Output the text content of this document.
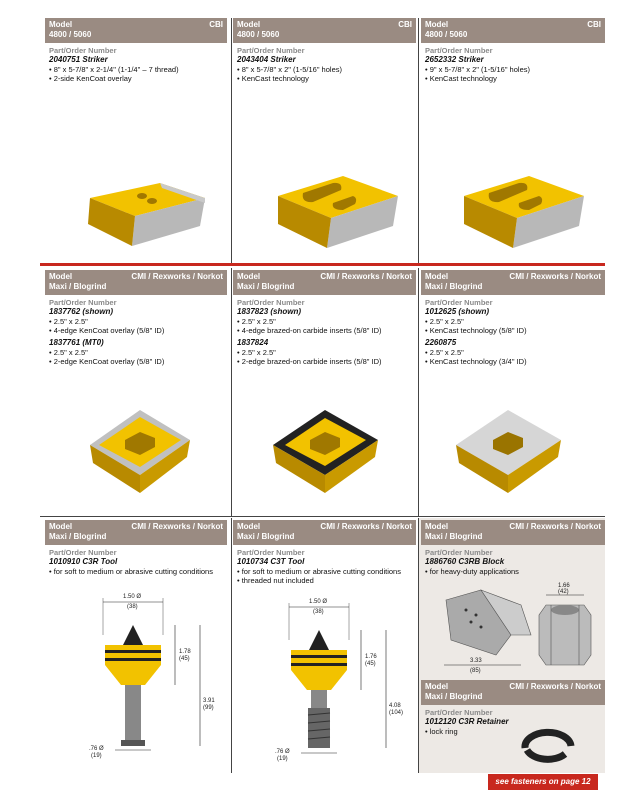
Model
4800 / 5060
CBI
Part/Order Number
2040751 Striker
• 8" x 5-7/8" x 2-1/4" (1-1/4" – 7 thread)
• 2-side KenCoat overlay
Model
4800 / 5060
CBI
Part/Order Number
2043404 Striker
• 8" x 5-7/8" x 2" (1-5/16" holes)
• KenCast technology
Model
4800 / 5060
CBI
Part/Order Number
2652332 Striker
• 9" x 5-7/8" x 2" (1-5/16" holes)
• KenCast technology
Model
Maxi / Blogrind
CMI / Rexworks / Norkot
Part/Order Number
1837762 (shown)
• 2.5" x 2.5"
• 4-edge KenCoat overlay (5/8" ID)
1837761 (MT0)
• 2.5" x 2.5"
• 2-edge KenCoat overlay (5/8" ID)
Model
Maxi / Blogrind
CMI / Rexworks / Norkot
Part/Order Number
1837823 (shown)
• 2.5" x 2.5"
• 4-edge brazed-on carbide inserts (5/8" ID)
1837824
• 2.5" x 2.5"
• 2-edge brazed-on carbide inserts (5/8" ID)
Model
Maxi / Blogrind
CMI / Rexworks / Norkot
Part/Order Number
1012625 (shown)
• 2.5" x 2.5"
• KenCast technology (5/8" ID)
2260875
• 2.5" x 2.5"
• KenCast technology (3/4" ID)
Model
Maxi / Blogrind
CMI / Rexworks / Norkot
Part/Order Number
1010910 C3R Tool
• for soft to medium or abrasive cutting conditions
1.50 Ø
(38)
1.78
(45)
3.91
(99)
.76 Ø
(19)
Model
Maxi / Blogrind
CMI / Rexworks / Norkot
Part/Order Number
1010734 C3T Tool
• for soft to medium or abrasive cutting conditions
• threaded nut included
1.50 Ø
(38)
1.76
(45)
4.08
(104)
.76 Ø
(19)
Model
Maxi / Blogrind
CMI / Rexworks / Norkot
Part/Order Number
1886760 C3RB Block
• for heavy-duty applications
3.33
(85)
1.66
(42)
Model
Maxi / Blogrind
CMI / Rexworks / Norkot
Part/Order Number
1012120 C3R Retainer
• lock ring
see fasteners on page 12
